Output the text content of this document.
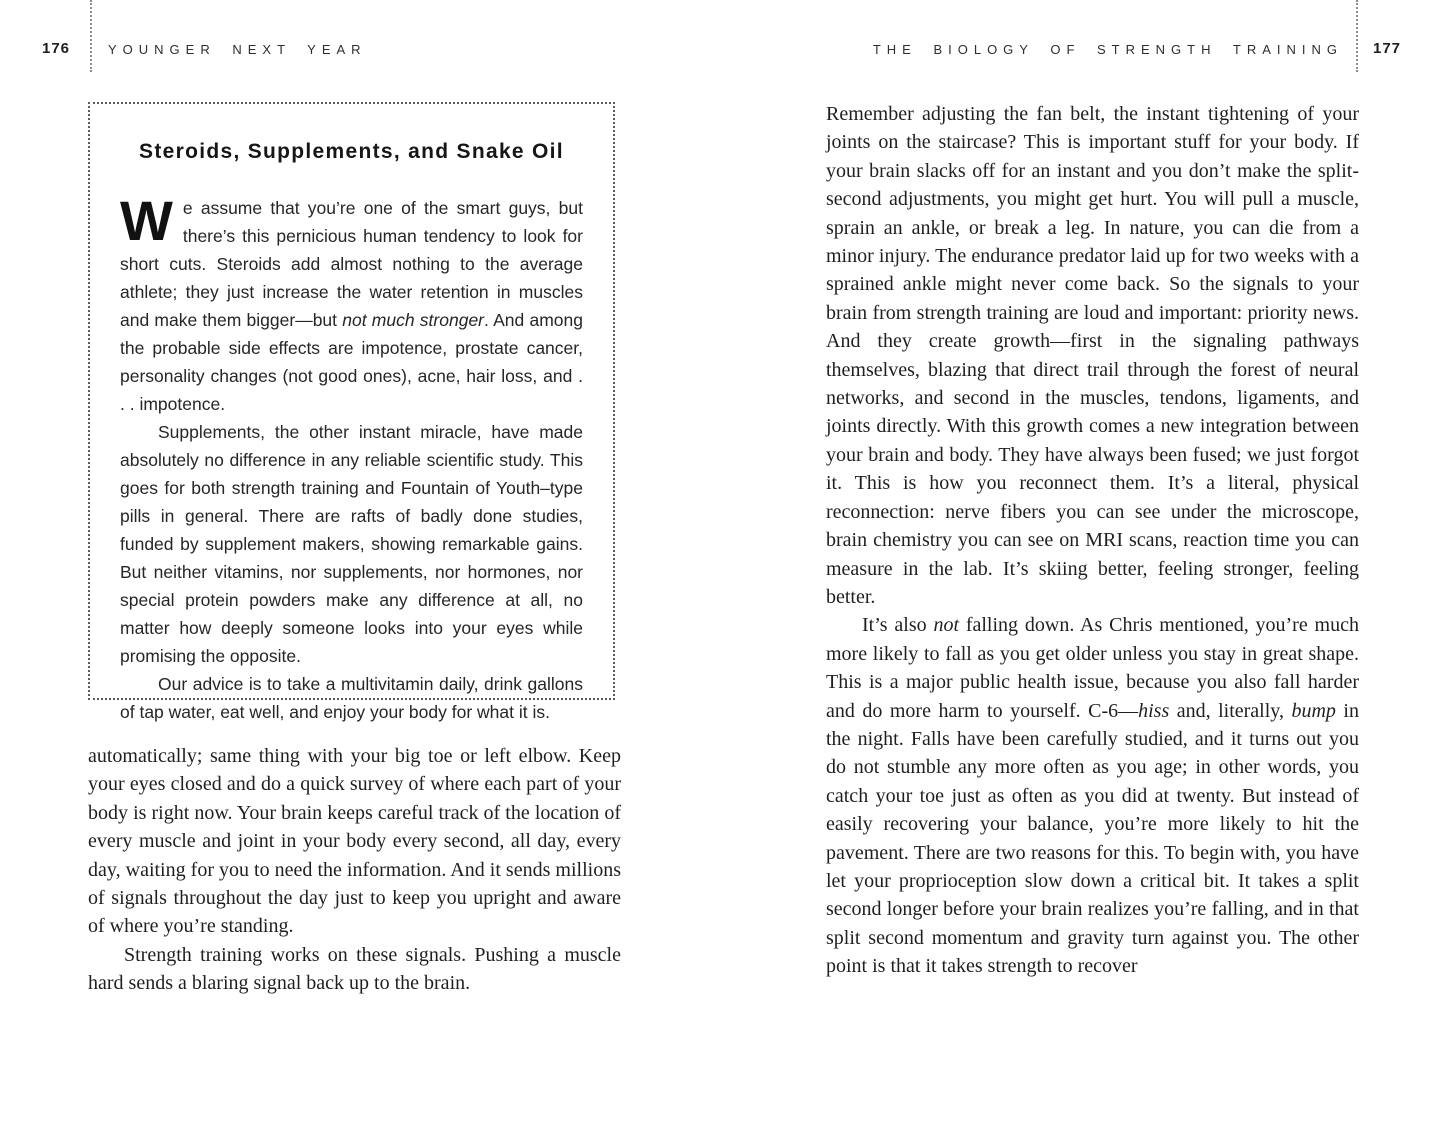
176	YOUNGER NEXT YEAR	THE BIOLOGY OF STRENGTH TRAINING 177
Steroids, Supplements, and Snake Oil

We assume that you’re one of the smart guys, but there’s this pernicious human tendency to look for short cuts. Steroids add almost nothing to the average athlete; they just increase the water retention in muscles and make them bigger—but not much stronger. And among the probable side effects are impotence, prostate cancer, personality changes (not good ones), acne, hair loss, and . . . impotence.

Supplements, the other instant miracle, have made absolutely no difference in any reliable scientific study. This goes for both strength training and Fountain of Youth–type pills in general. There are rafts of badly done studies, funded by supplement makers, showing remarkable gains. But neither vitamins, nor supplements, nor hormones, nor special protein powders make any difference at all, no matter how deeply someone looks into your eyes while promising the opposite.

Our advice is to take a multivitamin daily, drink gallons of tap water, eat well, and enjoy your body for what it is.

automatically; same thing with your big toe or left elbow. Keep your eyes closed and do a quick survey of where each part of your body is right now. Your brain keeps careful track of the location of every muscle and joint in your body every second, all day, every day, waiting for you to need the information. And it sends millions of signals throughout the day just to keep you upright and aware of where you’re standing.

Strength training works on these signals. Pushing a muscle hard sends a blaring signal back up to the brain.

Remember adjusting the fan belt, the instant tightening of your joints on the staircase? This is important stuff for your body. If your brain slacks off for an instant and you don’t make the split-second adjustments, you might get hurt. You will pull a muscle, sprain an ankle, or break a leg. In nature, you can die from a minor injury. The endurance predator laid up for two weeks with a sprained ankle might never come back. So the signals to your brain from strength training are loud and important: priority news. And they create growth—first in the signaling pathways themselves, blazing that direct trail through the forest of neural networks, and second in the muscles, tendons, ligaments, and joints directly. With this growth comes a new integration between your brain and body. They have always been fused; we just forgot it. This is how you reconnect them. It’s a literal, physical reconnection: nerve fibers you can see under the microscope, brain chemistry you can see on MRI scans, reaction time you can measure in the lab. It’s skiing better, feeling stronger, feeling better.

It’s also not falling down. As Chris mentioned, you’re much more likely to fall as you get older unless you stay in great shape. This is a major public health issue, because you also fall harder and do more harm to yourself. C-6—hiss and, literally, bump in the night. Falls have been carefully studied, and it turns out you do not stumble any more often as you age; in other words, you catch your toe just as often as you did at twenty. But instead of easily recovering your balance, you’re more likely to hit the pavement. There are two reasons for this. To begin with, you have let your proprioception slow down a critical bit. It takes a split second longer before your brain realizes you’re falling, and in that split second momentum and gravity turn against you. The other point is that it takes strength to recover
